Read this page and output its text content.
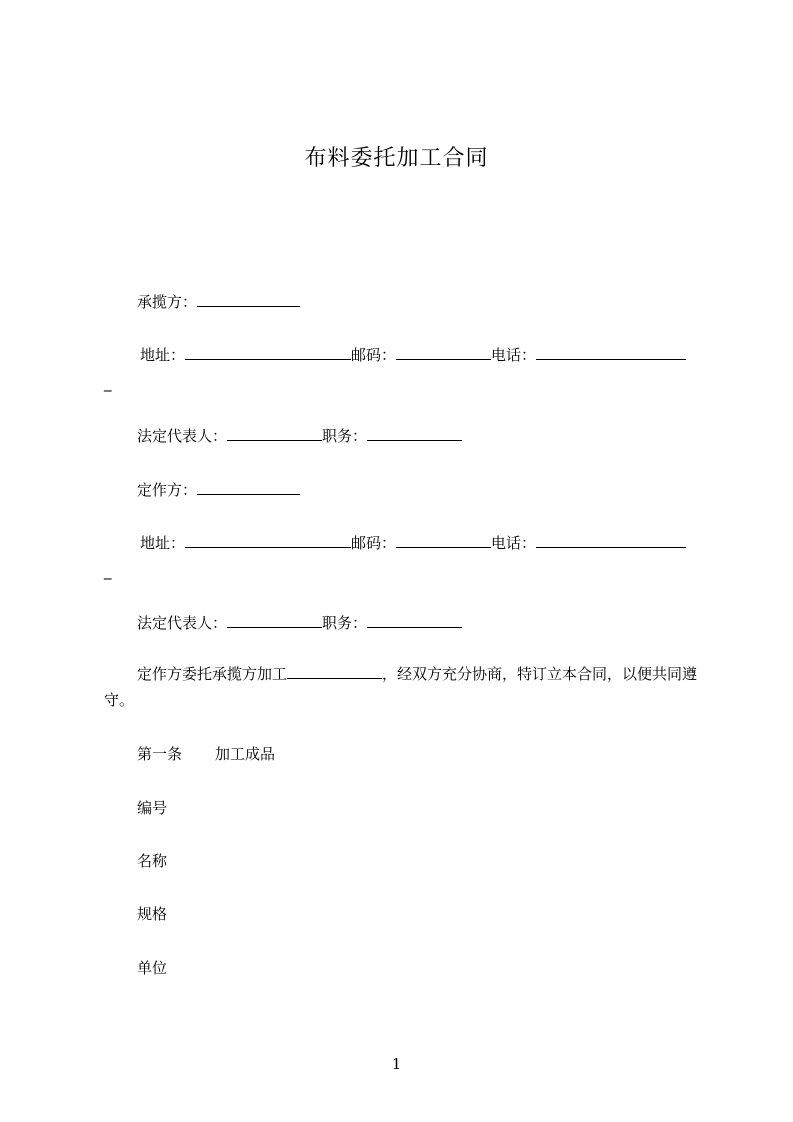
布料委托加工合同
承揽方：
地址：	邮码：	电话：
_
法定代表人：	职务：
定作方：
地址：	邮码：	电话：
_
法定代表人：	职务：
定作方委托承揽方加工	，经双方充分协商，特订立本合同，以便共同遵守。
第一条 加工成品
编号
名称
规格
单位
1
